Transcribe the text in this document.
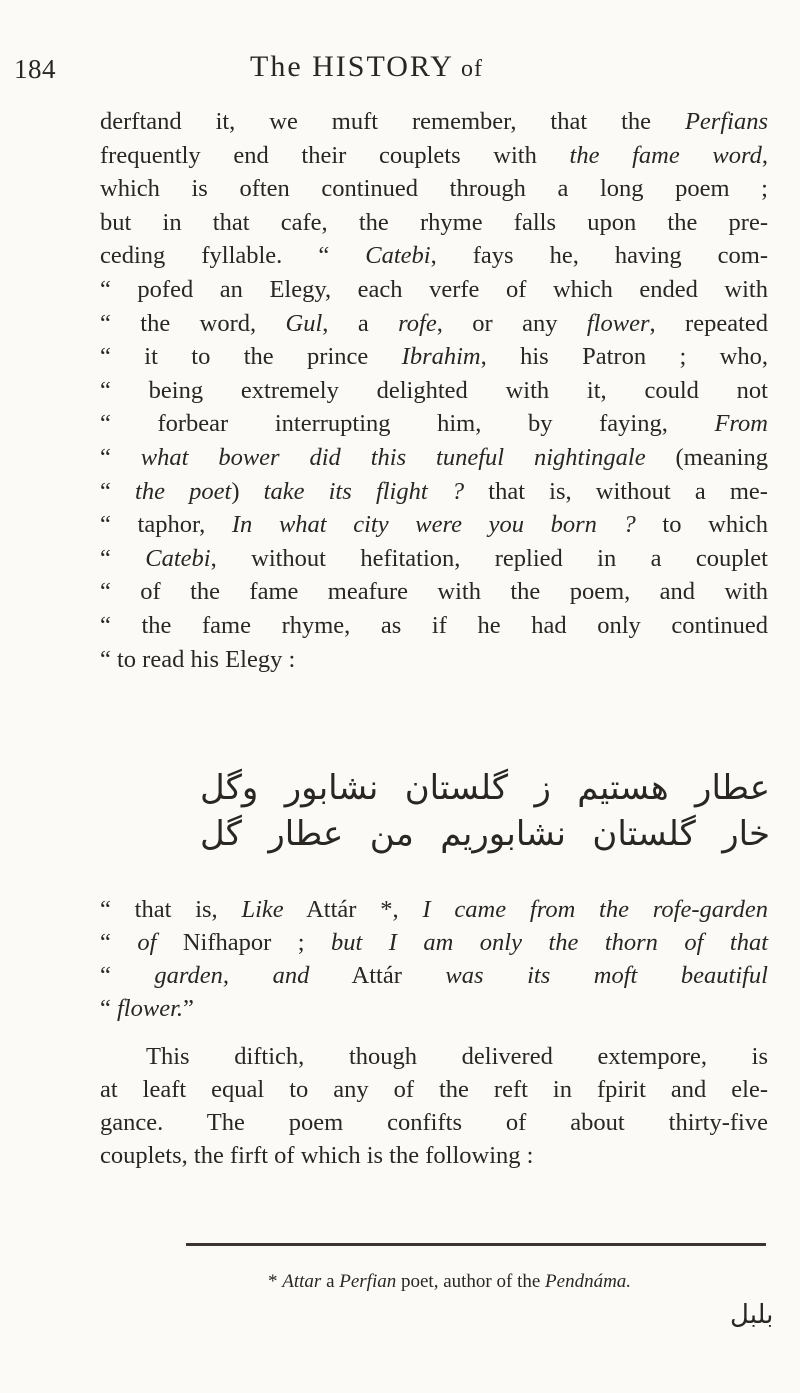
184	The HISTORY of
derftand it, we muft remember, that the Perfians
frequently end their couplets with the fame word,
which is often continued through a long poem ;
but in that cafe, the rhyme falls upon the pre-
ceding fyllable. “ Catebi, fays he, having com-
“ pofed an Elegy, each verfe of which ended with
“ the word, Gul, a rofe, or any flower, repeated
“ it to the prince Ibrahim, his Patron ; who,
“ being extremely delighted with it, could not
“ forbear interrupting him, by faying, From
“ what bower did this tuneful nightingale (meaning
“ the poet) take its flight ? that is, without a me-
“ taphor, In what city were you born ? to which
“ Catebi, without hefitation, replied in a couplet
“ of the fame meafure with the poem, and with
“ the fame rhyme, as if he had only continued
“ to read his Elegy :
عطار هستیم ز گلستان نشابور وگل
خار گلستان نشابوریم من عطار گل
“ that is, Like Attár *, I came from the rofe-garden
“ of Nifhapor ; but I am only the thorn of that
“ garden, and Attár was its moft beautiful
“ flower.”
This diftich, though delivered extempore, is
at leaft equal to any of the reft in fpirit and ele-
gance. The poem confifts of about thirty-five
couplets, the firft of which is the following :
* Attar a Perfian poet, author of the Pendnáma.
بلبل
